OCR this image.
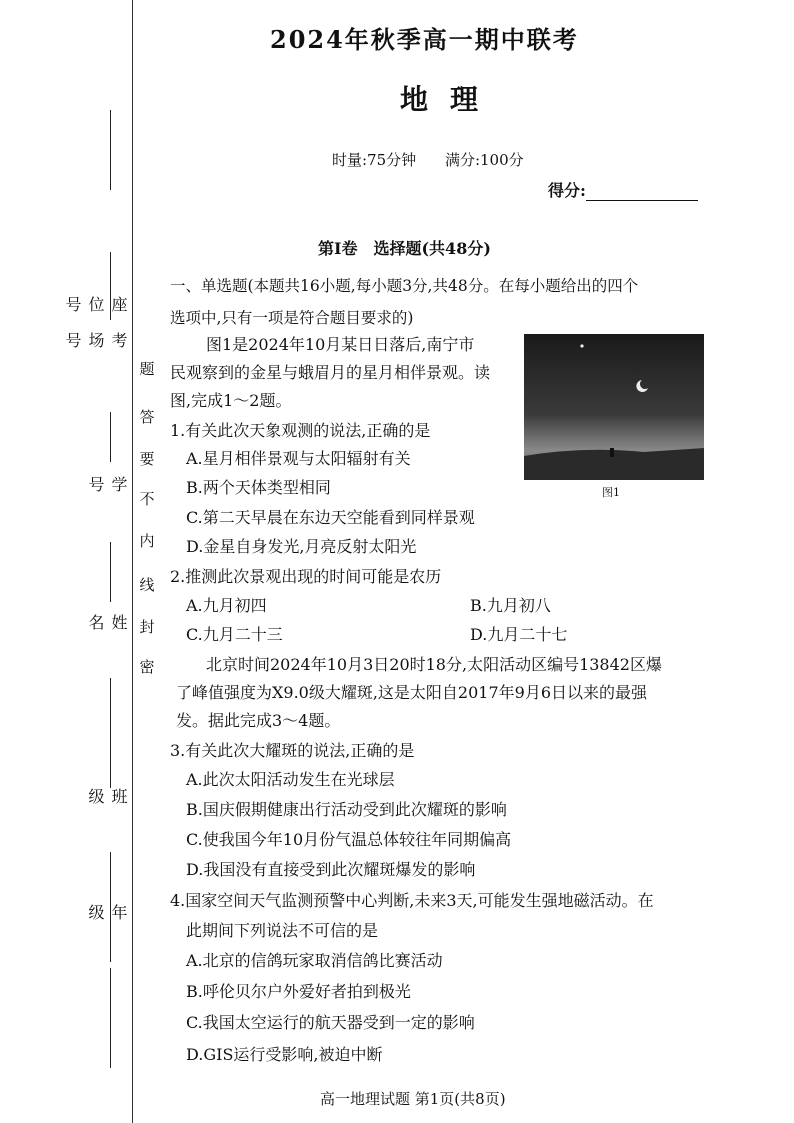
座位号
考场号
学号
姓名
班级
年级
题
答
要
不
内
线
封
密
2024年秋季高一期中联考
地理
时量:75分钟 满分:100分
得分:
第Ⅰ卷　选择题(共48分)
一、单选题(本题共16小题,每小题3分,共48分。在每小题给出的四个
选项中,只有一项是符合题目要求的)
图1是2024年10月某日日落后,南宁市
民观察到的金星与蛾眉月的星月相伴景观。读
图,完成1～2题。
图1
1.有关此次天象观测的说法,正确的是
A.星月相伴景观与太阳辐射有关
B.两个天体类型相同
C.第二天早晨在东边天空能看到同样景观
D.金星自身发光,月亮反射太阳光
2.推测此次景观出现的时间可能是农历
A.九月初四	B.九月初八
C.九月二十三	D.九月二十七
北京时间2024年10月3日20时18分,太阳活动区编号13842区爆
了峰值强度为X9.0级大耀斑,这是太阳自2017年9月6日以来的最强
发。据此完成3～4题。
3.有关此次大耀斑的说法,正确的是
A.此次太阳活动发生在光球层
B.国庆假期健康出行活动受到此次耀斑的影响
C.使我国今年10月份气温总体较往年同期偏高
D.我国没有直接受到此次耀斑爆发的影响
4.国家空间天气监测预警中心判断,未来3天,可能发生强地磁活动。在
此期间下列说法不可信的是
A.北京的信鸽玩家取消信鸽比赛活动
B.呼伦贝尔户外爱好者拍到极光
C.我国太空运行的航天器受到一定的影响
D.GIS运行受影响,被迫中断
高一地理试题 第1页(共8页)
